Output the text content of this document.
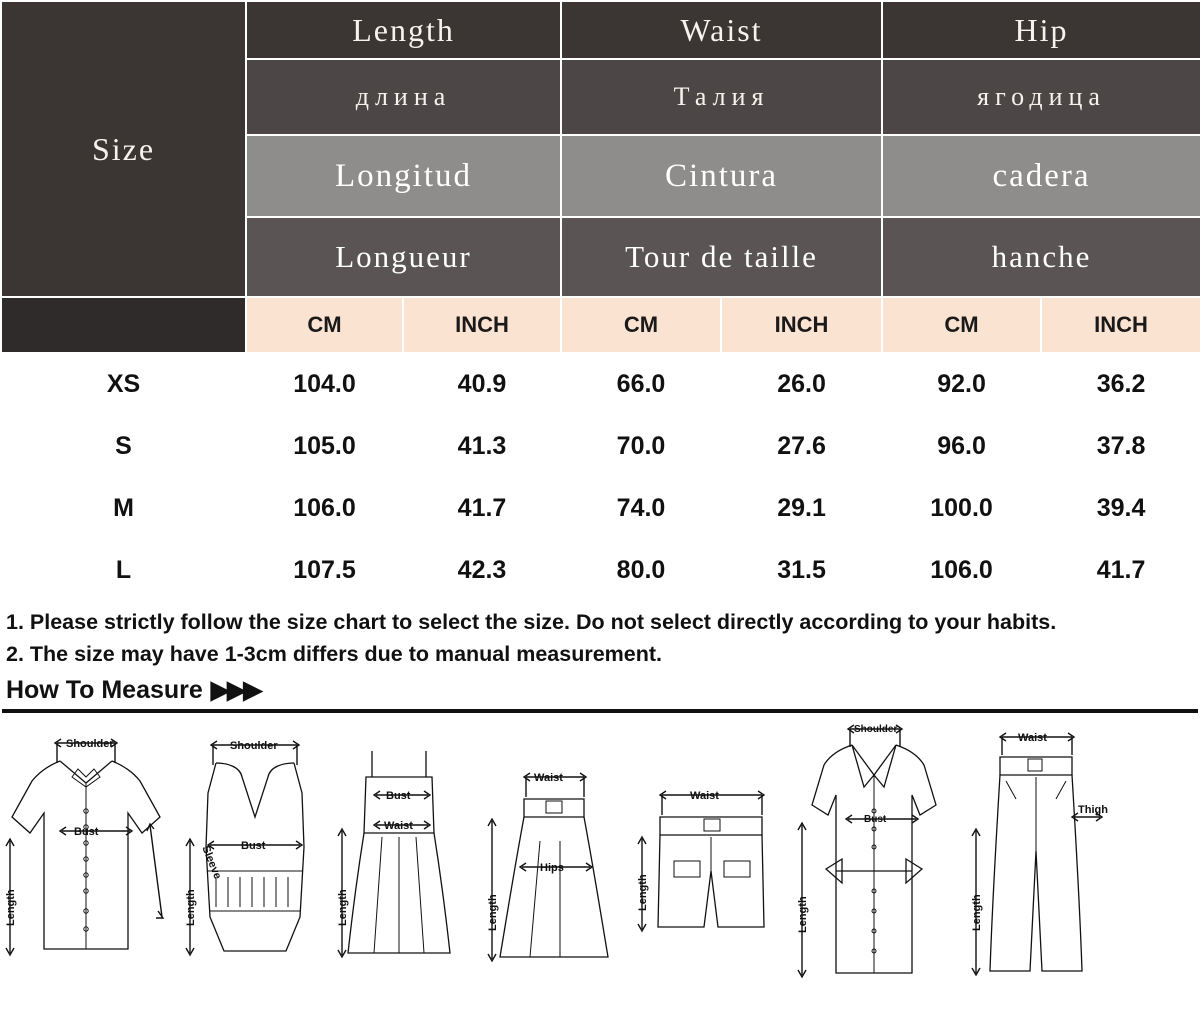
Size	Length		Waist		Hip	
	длина		Талия		ягодица	
	Longitud		Cintura		cadera	
	Longueur		Tour de taille		hanche	
	CM	INCH	CM	INCH	CM	INCH
XS	104.0	40.9	66.0	26.0	92.0	36.2
S	105.0	41.3	70.0	27.6	96.0	37.8
M	106.0	41.7	74.0	29.1	100.0	39.4
L	107.5	42.3	80.0	31.5	106.0	41.7

1. Please strictly follow the size chart to select the size. Do not select directly according to your habits.

2. The size may have 1-3cm differs due to manual measurement.

How To Measure ▶▶▶
Shoulder
Bust
Sleeve
Length
Shoulder
Bust
Length
Bust
Waist
Length
Waist
Hips
Length
Waist
Length
Shoulder
Bust
Length
Waist
Thigh
Length
